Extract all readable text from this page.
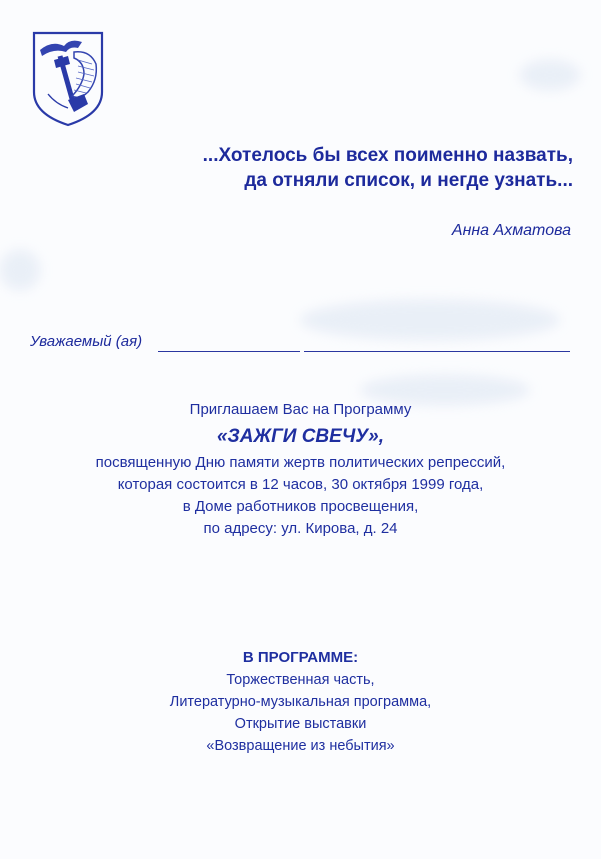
...Хотелось бы всех поименно назвать,
да отняли список, и негде узнать...
Анна Ахматова
Уважаемый (ая)
Приглашаем Вас на Программу
«ЗАЖГИ СВЕЧУ»,
посвященную Дню памяти жертв политических репрессий,
которая состоится в 12 часов, 30 октября 1999 года,
в Доме работников просвещения,
по адресу: ул. Кирова, д. 24
В ПРОГРАММЕ:
Торжественная часть,
Литературно-музыкальная программа,
Открытие выставки
«Возвращение из небытия»
